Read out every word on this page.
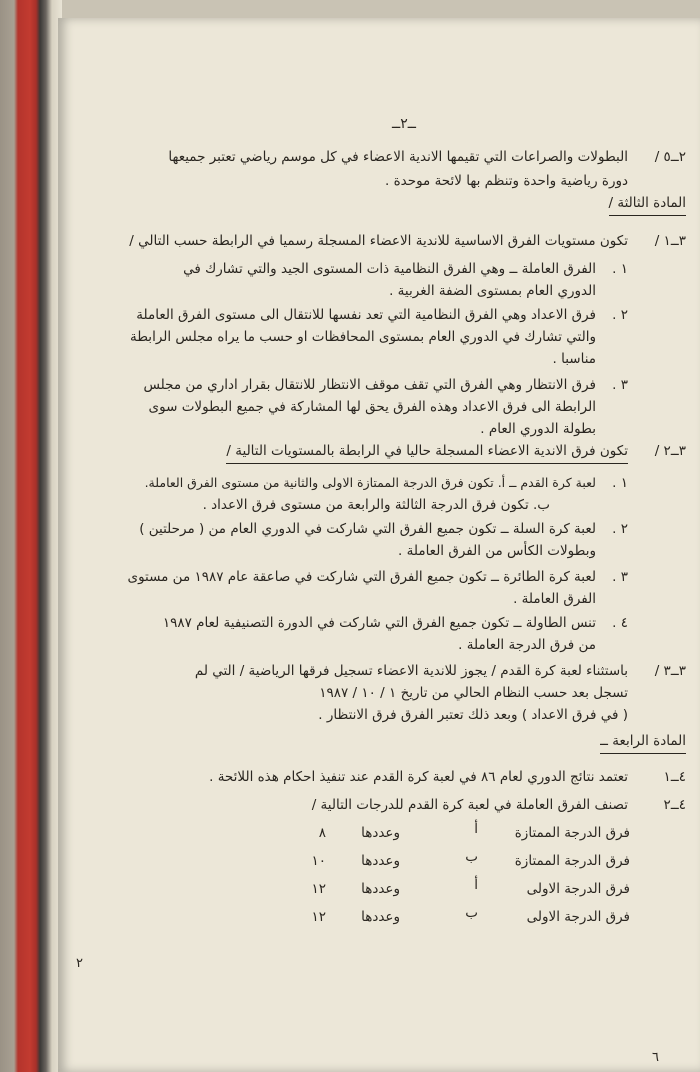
ــ٢ــ
٢ــ٥ /
البطولات والصراعات التي تقيمها الاندية الاعضاء في كل موسم رياضي تعتبر جميعها
دورة رياضية واحدة وتنظم بها لائحة موحدة .
المادة الثالثة /
٣ــ١ /
تكون مستويات الفرق الاساسية للاندية الاعضاء المسجلة رسميا في الرابطة حسب التالي /
١ .
الفرق العاملة ــ وهي الفرق النظامية ذات المستوى الجيد والتي تشارك في
الدوري العام بمستوى الضفة الغربية .
٢ .
فرق الاعداد وهي الفرق النظامية التي تعد نفسها للانتقال الى مستوى الفرق العاملة
والتي تشارك في الدوري العام بمستوى المحافظات او حسب ما يراه مجلس الرابطة
مناسبا .
٣ .
فرق الانتظار وهي الفرق التي تقف موقف الانتظار للانتقال بقرار اداري من مجلس
الرابطة الى فرق الاعداد وهذه الفرق يحق لها المشاركة في جميع البطولات سوى
بطولة الدوري العام .
٣ــ٢ /
تكون فرق الاندية الاعضاء المسجلة حاليا في الرابطة بالمستويات التالية /
١ .
لعبة كرة القدم ــ أ. تكون فرق الدرجة الممتازة الاولى والثانية من مستوى الفرق العاملة.
ب. تكون فرق الدرجة الثالثة والرابعة من مستوى فرق الاعداد .
٢ .
لعبة كرة السلة ــ تكون جميع الفرق التي شاركت في الدوري العام من ( مرحلتين )
وبطولات الكأس من الفرق العاملة .
٣ .
لعبة كرة الطائرة ــ تكون جميع الفرق التي شاركت في صاعقة عام ١٩٨٧ من مستوى
الفرق العاملة .
٤ .
تنس الطاولة ــ تكون جميع الفرق التي شاركت في الدورة التصنيفية لعام ١٩٨٧
من فرق الدرجة العاملة .
٣ــ٣ /
باستثناء لعبة كرة القدم / يجوز للاندية الاعضاء تسجيل فرقها الرياضية / التي لم
تسجل بعد حسب النظام الحالي من تاريخ ١ / ١٠ / ١٩٨٧
( في فرق الاعداد ) وبعد ذلك تعتبر الفرق فرق الانتظار .
المادة الرابعة ــ
٤ــ١
تعتمد نتائج الدوري لعام ٨٦ في لعبة كرة القدم عند تنفيذ احكام هذه اللائحة .
٤ــ٢
تصنف الفرق العاملة في لعبة كرة القدم للدرجات التالية /
فرق الدرجة الممتازة
أ
وعددها
٨
فرق الدرجة الممتازة
ب
وعددها
١٠
فرق الدرجة الاولى
أ
وعددها
١٢
فرق الدرجة الاولى
ب
وعددها
١٢
٢
٦
